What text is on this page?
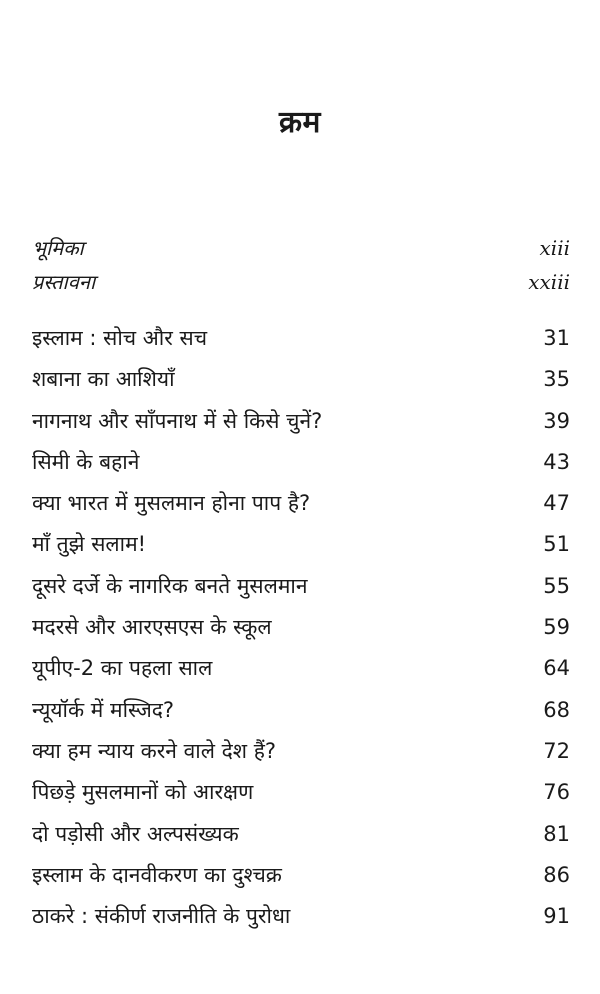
क्रम
भूमिका	xiii
प्रस्तावना	xxiii
इस्लाम : सोच और सच	31
शबाना का आशियाँ	35
नागनाथ और साँपनाथ में से किसे चुनें?	39
सिमी के बहाने	43
क्या भारत में मुसलमान होना पाप है?	47
माँ तुझे सलाम!	51
दूसरे दर्जे के नागरिक बनते मुसलमान	55
मदरसे और आरएसएस के स्कूल	59
यूपीए-2 का पहला साल	64
न्यूयॉर्क में मस्जिद?	68
क्या हम न्याय करने वाले देश हैं?	72
पिछड़े मुसलमानों को आरक्षण	76
दो पड़ोसी और अल्पसंख्यक	81
इस्लाम के दानवीकरण का दुश्चक्र	86
ठाकरे : संकीर्ण राजनीति के पुरोधा	91
